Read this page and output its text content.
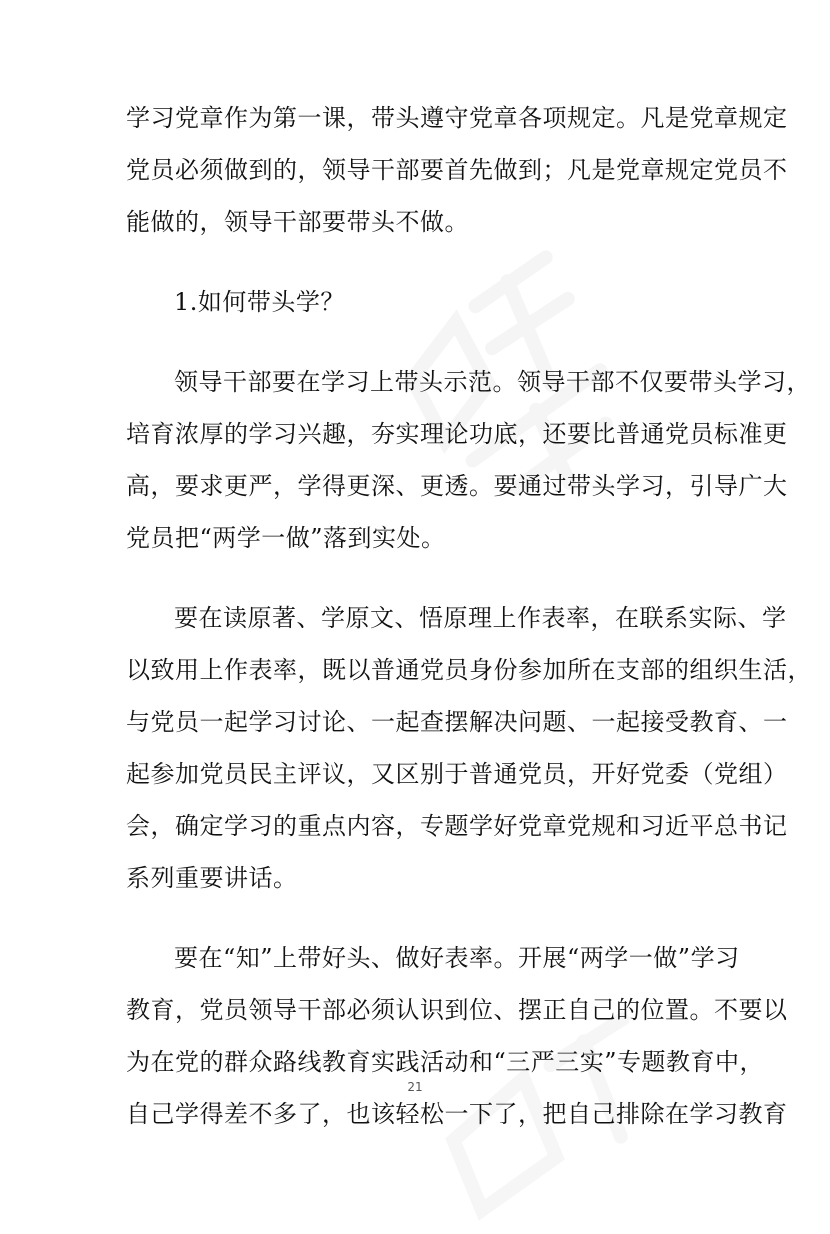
学习党章作为第一课，带头遵守党章各项规定。凡是党章规定
党员必须做到的，领导干部要首先做到；凡是党章规定党员不
能做的，领导干部要带头不做。
1.如何带头学？
领导干部要在学习上带头示范。领导干部不仅要带头学习，
培育浓厚的学习兴趣，夯实理论功底，还要比普通党员标准更
高，要求更严，学得更深、更透。要通过带头学习，引导广大
党员把“两学一做”落到实处。
要在读原著、学原文、悟原理上作表率，在联系实际、学
以致用上作表率，既以普通党员身份参加所在支部的组织生活，
与党员一起学习讨论、一起查摆解决问题、一起接受教育、一
起参加党员民主评议，又区别于普通党员，开好党委（党组）
会，确定学习的重点内容，专题学好党章党规和习近平总书记
系列重要讲话。
要在“知”上带好头、做好表率。开展“两学一做”学习
教育，党员领导干部必须认识到位、摆正自己的位置。不要以
为在党的群众路线教育实践活动和“三严三实”专题教育中，
自己学得差不多了，也该轻松一下了，把自己排除在学习教育
21
